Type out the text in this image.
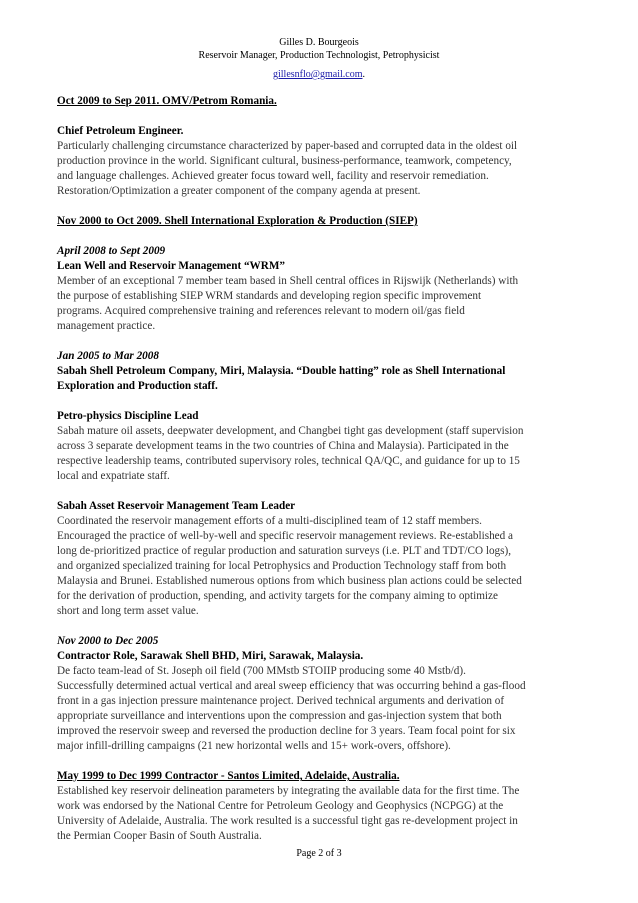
Gilles D. Bourgeois
Reservoir Manager, Production Technologist, Petrophysicist
gillesnflo@gmail.com.

Oct 2009 to Sep 2011. OMV/Petrom Romania.

Chief Petroleum Engineer.

Particularly challenging circumstance characterized by paper-based and corrupted data in the oldest oil
production province in the world. Significant cultural, business-performance, teamwork, competency,
and language challenges. Achieved greater focus toward well, facility and reservoir remediation.
Restoration/Optimization a greater component of the company agenda at present.

Nov 2000 to Oct 2009. Shell International Exploration & Production (SIEP)

April 2008 to Sept 2009

Lean Well and Reservoir Management “WRM”

Member of an exceptional 7 member team based in Shell central offices in Rijswijk (Netherlands) with
the purpose of establishing SIEP WRM standards and developing region specific improvement
programs. Acquired comprehensive training and references relevant to modern oil/gas field
management practice.

Jan 2005 to Mar 2008

Sabah Shell Petroleum Company, Miri, Malaysia. “Double hatting” role as Shell International
Exploration and Production staff.

Petro-physics Discipline Lead

Sabah mature oil assets, deepwater development, and Changbei tight gas development (staff supervision
across 3 separate development teams in the two countries of China and Malaysia). Participated in the
respective leadership teams, contributed supervisory roles, technical QA/QC, and guidance for up to 15
local and expatriate staff.

Sabah Asset Reservoir Management Team Leader

Coordinated the reservoir management efforts of a multi-disciplined team of 12 staff members.
Encouraged the practice of well-by-well and specific reservoir management reviews. Re-established a
long de-prioritized practice of regular production and saturation surveys (i.e. PLT and TDT/CO logs),
and organized specialized training for local Petrophysics and Production Technology staff from both
Malaysia and Brunei. Established numerous options from which business plan actions could be selected
for the derivation of production, spending, and activity targets for the company aiming to optimize
short and long term asset value.

Nov 2000 to Dec 2005

Contractor Role, Sarawak Shell BHD, Miri, Sarawak, Malaysia.

De facto team-lead of St. Joseph oil field (700 MMstb STOIIP producing some 40 Mstb/d).
Successfully determined actual vertical and areal sweep efficiency that was occurring behind a gas-flood
front in a gas injection pressure maintenance project. Derived technical arguments and derivation of
appropriate surveillance and interventions upon the compression and gas-injection system that both
improved the reservoir sweep and reversed the production decline for 3 years. Team focal point for six
major infill-drilling campaigns (21 new horizontal wells and 15+ work-overs, offshore).

May 1999 to Dec 1999 Contractor - Santos Limited, Adelaide, Australia.

Established key reservoir delineation parameters by integrating the available data for the first time. The
work was endorsed by the National Centre for Petroleum Geology and Geophysics (NCPGG) at the
University of Adelaide, Australia. The work resulted is a successful tight gas re-development project in
the Permian Cooper Basin of South Australia.
Page 2 of 3
